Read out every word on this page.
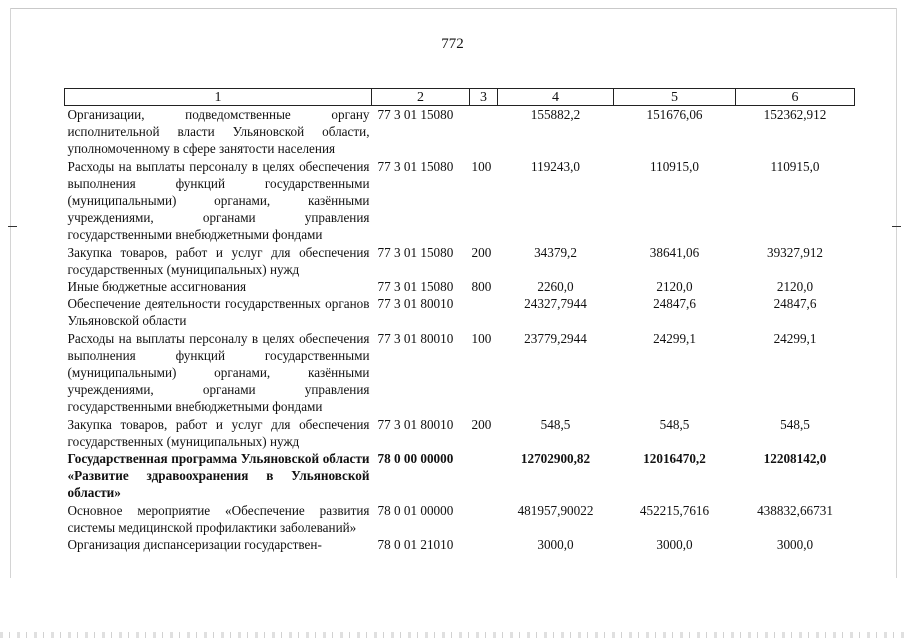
772
1	2	3	4	5	6
Организации, подведомственные органу исполнительной власти Ульяновской области, уполномоченному в сфере занятости населения	77 3 01 15080		155882,2	151676,06	152362,912
Расходы на выплаты персоналу в целях обеспечения выполнения функций государственными (муниципальными) органами, казёнными учреждениями, органами управления государственными внебюджетными фондами	77 3 01 15080	100	119243,0	110915,0	110915,0
Закупка товаров, работ и услуг для обеспечения государственных (муниципальных) нужд	77 3 01 15080	200	34379,2	38641,06	39327,912
Иные бюджетные ассигнования	77 3 01 15080	800	2260,0	2120,0	2120,0
Обеспечение деятельности государственных органов Ульяновской области	77 3 01 80010		24327,7944	24847,6	24847,6
Расходы на выплаты персоналу в целях обеспечения выполнения функций государственными (муниципальными) органами, казёнными учреждениями, органами управления государственными внебюджетными фондами	77 3 01 80010	100	23779,2944	24299,1	24299,1
Закупка товаров, работ и услуг для обеспечения государственных (муниципальных) нужд	77 3 01 80010	200	548,5	548,5	548,5
Государственная программа Ульяновской области «Развитие здравоохранения в Ульяновской области»	78 0 00 00000		12702900,82	12016470,2	12208142,0
Основное мероприятие «Обеспечение развития системы медицинской профилактики заболеваний»	78 0 01 00000		481957,90022	452215,7616	438832,66731
Организация диспансеризации государствен-	78 0 01 21010		3000,0	3000,0	3000,0
